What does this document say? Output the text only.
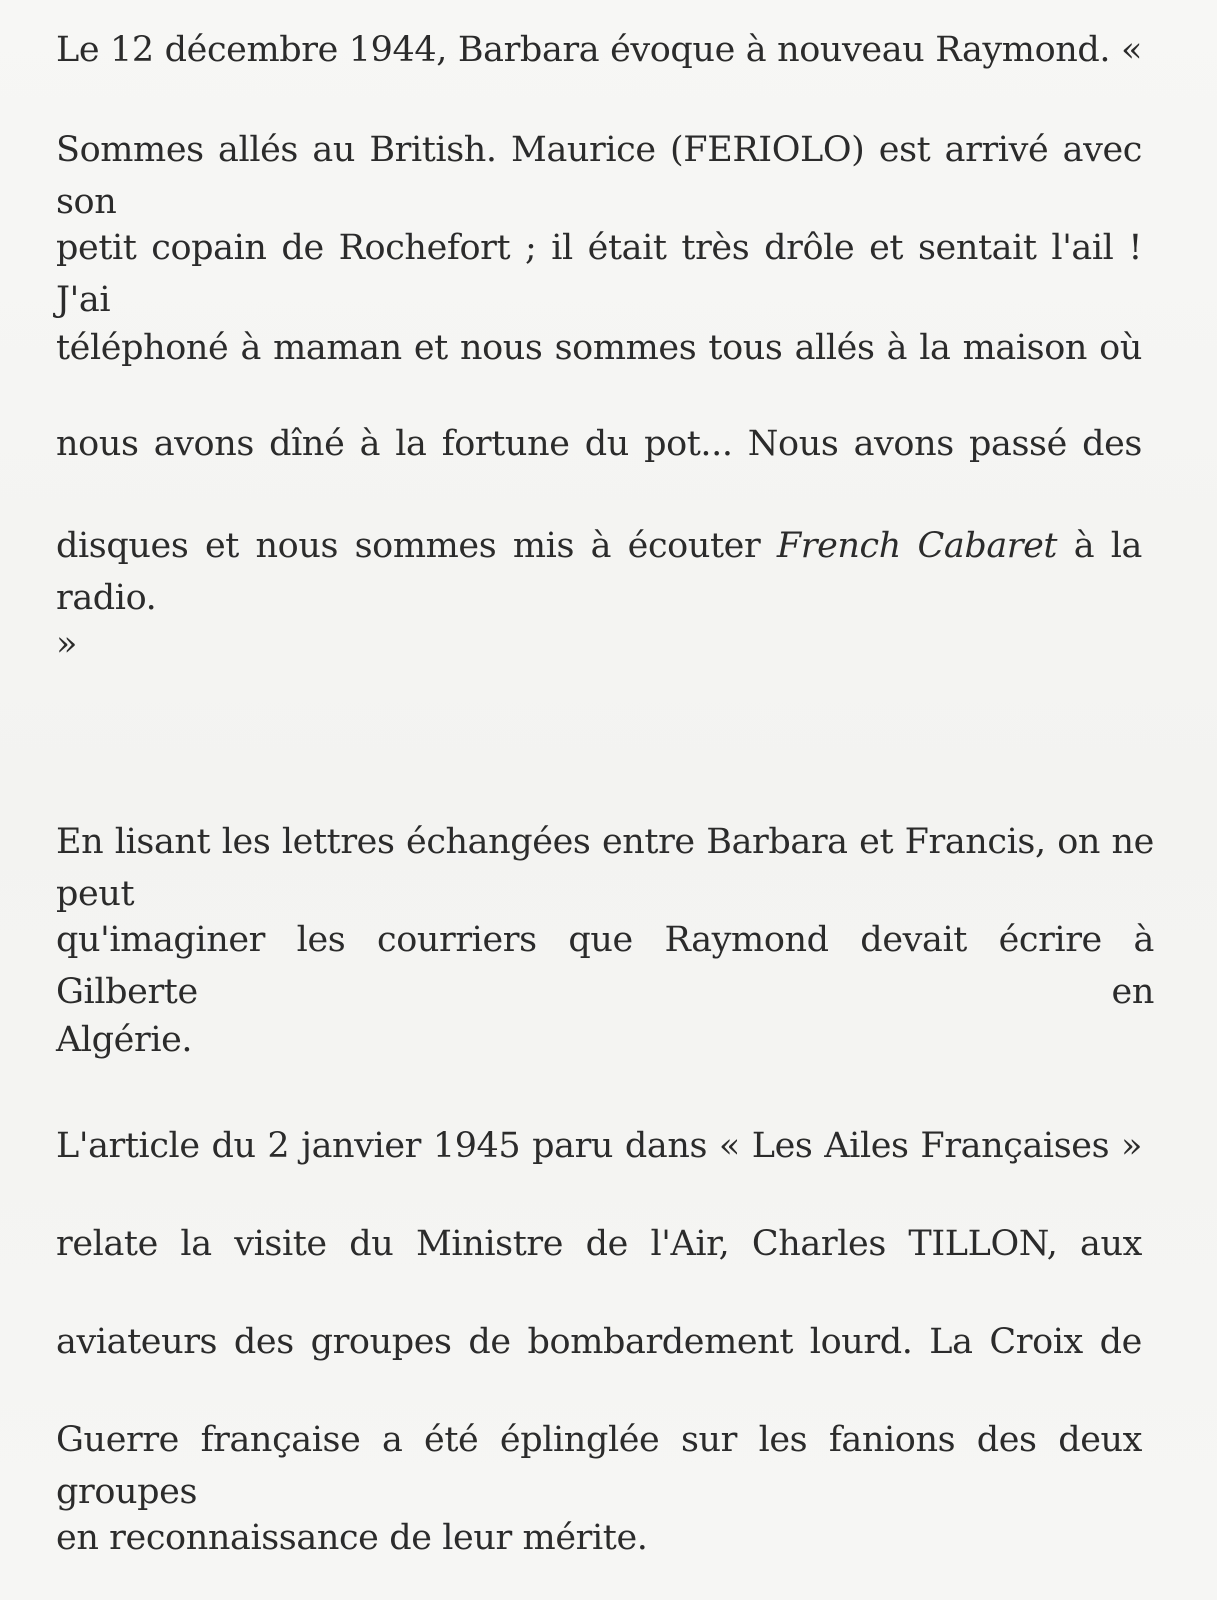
Le 12 décembre 1944, Barbara évoque à nouveau Raymond. «
Sommes allés au British. Maurice (FERIOLO) est arrivé avec son
petit copain de Rochefort ; il était très drôle et sentait l'ail ! J'ai
téléphoné à maman et nous sommes tous allés à la maison où
nous avons dîné à la fortune du pot... Nous avons passé des
disques et nous sommes mis à écouter French Cabaret à la radio.
»
En lisant les lettres échangées entre Barbara et Francis, on ne peut
qu'imaginer les courriers que Raymond devait écrire à Gilberte en
Algérie.
L'article du 2 janvier 1945 paru dans « Les Ailes Françaises »
relate la visite du Ministre de l'Air, Charles TILLON, aux
aviateurs des groupes de bombardement lourd. La Croix de
Guerre française a été éplinglée sur les fanions des deux groupes
en reconnaissance de leur mérite.
